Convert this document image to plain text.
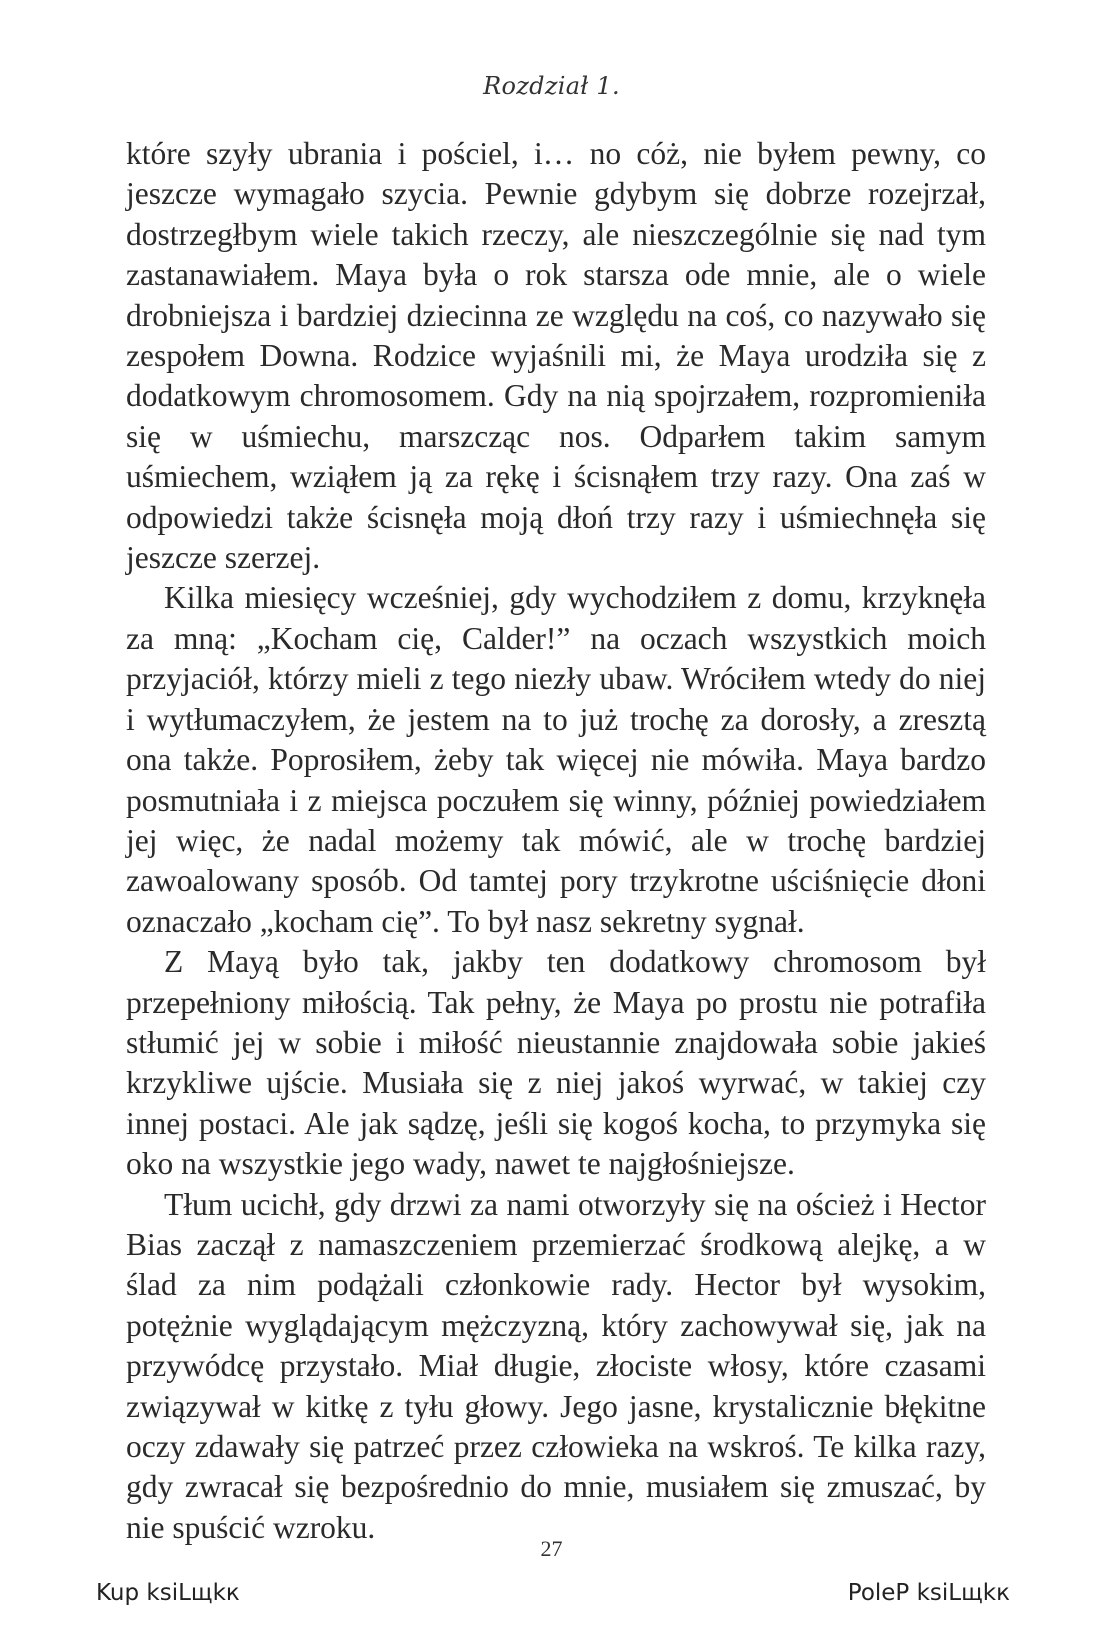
Rozdział 1.

które szyły ubrania i pościel, i… no cóż, nie byłem pewny, co jeszcze wymagało szycia. Pewnie gdybym się dobrze rozejrzał, dostrzegłbym wiele takich rzeczy, ale nieszczególnie się nad tym zastanawiałem. Maya była o rok starsza ode mnie, ale o wiele drobniejsza i bardziej dziecinna ze względu na coś, co nazywało się zespołem Downa. Rodzice wyjaśnili mi, że Maya urodziła się z dodatkowym chromosomem. Gdy na nią spojrzałem, rozpromieniła się w uśmiechu, marszcząc nos. Odparłem takim samym uśmiechem, wziąłem ją za rękę i ścisnąłem trzy razy. Ona zaś w odpowiedzi także ścisnęła moją dłoń trzy razy i uśmiechnęła się jeszcze szerzej.

Kilka miesięcy wcześniej, gdy wychodziłem z domu, krzyknęła za mną: „Kocham cię, Calder!” na oczach wszystkich moich przyjaciół, którzy mieli z tego niezły ubaw. Wróciłem wtedy do niej i wytłumaczyłem, że jestem na to już trochę za dorosły, a zresztą ona także. Poprosiłem, żeby tak więcej nie mówiła. Maya bardzo posmutniała i z miejsca poczułem się winny, później powiedziałem jej więc, że nadal możemy tak mówić, ale w trochę bardziej zawoalowany sposób. Od tamtej pory trzykrotne uściśnięcie dłoni oznaczało „kocham cię”. To był nasz sekretny sygnał.

Z Mayą było tak, jakby ten dodatkowy chromosom był przepełniony miłością. Tak pełny, że Maya po prostu nie potrafiła stłumić jej w sobie i miłość nieustannie znajdowała sobie jakieś krzykliwe ujście. Musiała się z niej jakoś wyrwać, w takiej czy innej postaci. Ale jak sądzę, jeśli się kogoś kocha, to przymyka się oko na wszystkie jego wady, nawet te najgłośniejsze.

Tłum ucichł, gdy drzwi za nami otworzyły się na oścież i Hector Bias zaczął z namaszczeniem przemierzać środkową alejkę, a w ślad za nim podążali członkowie rady. Hector był wysokim, potężnie wyglądającym mężczyzną, który zachowywał się, jak na przywódcę przystało. Miał długie, złociste włosy, które czasami związywał w kitkę z tyłu głowy. Jego jasne, krystalicznie błękitne oczy zdawały się patrzeć przez człowieka na wskroś. Te kilka razy, gdy zwracał się bezpośrednio do mnie, musiałem się zmuszać, by nie spuścić wzroku.

27
Kup ksiLщkк	PoleP ksiLщkк
